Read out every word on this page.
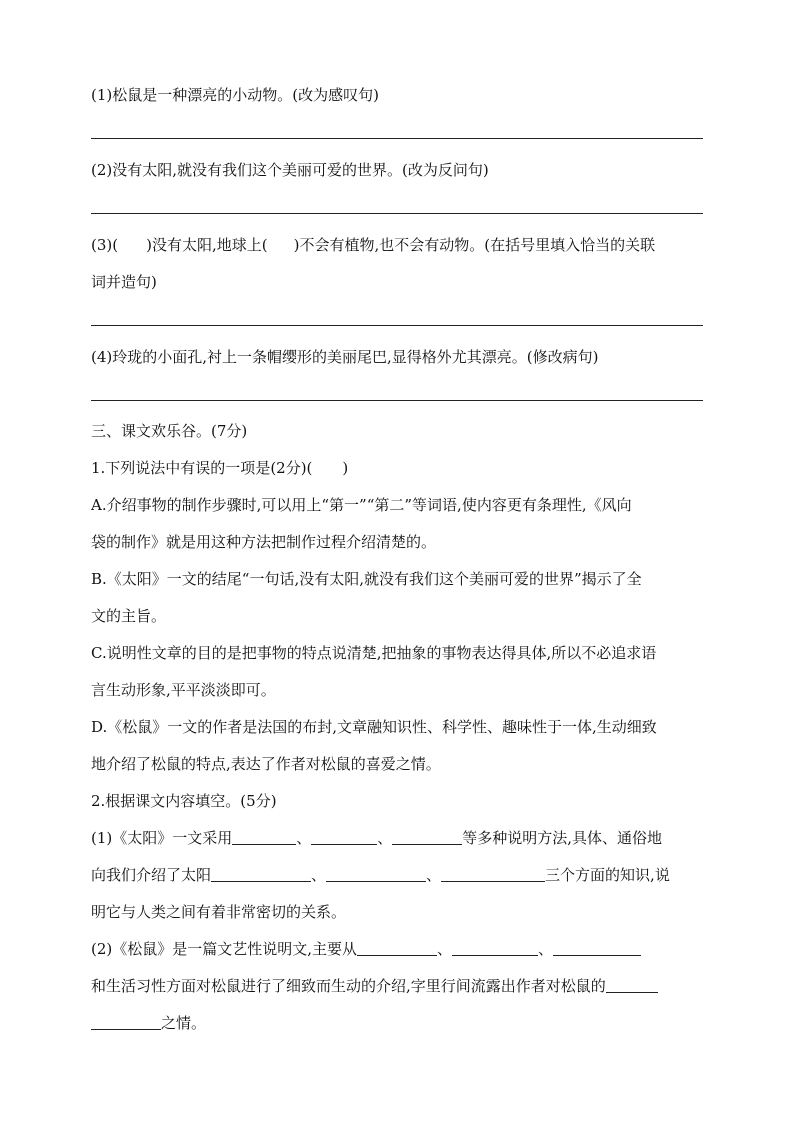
(1)松鼠是一种漂亮的小动物。(改为感叹句)
(2)没有太阳,就没有我们这个美丽可爱的世界。(改为反问句)
(3)( )没有太阳,地球上( )不会有植物,也不会有动物。(在括号里填入恰当的关联
词并造句)
(4)玲珑的小面孔,衬上一条帽缨形的美丽尾巴,显得格外尤其漂亮。(修改病句)
三、课文欢乐谷。(7分)
1.下列说法中有误的一项是(2分)( )
A.介绍事物的制作步骤时,可以用上“第一”“第二”等词语,使内容更有条理性,《风向
袋的制作》就是用这种方法把制作过程介绍清楚的。
B.《太阳》一文的结尾“一句话,没有太阳,就没有我们这个美丽可爱的世界”揭示了全
文的主旨。
C.说明性文章的目的是把事物的特点说清楚,把抽象的事物表达得具体,所以不必追求语
言生动形象,平平淡淡即可。
D.《松鼠》一文的作者是法国的布封,文章融知识性、科学性、趣味性于一体,生动细致
地介绍了松鼠的特点,表达了作者对松鼠的喜爱之情。
2.根据课文内容填空。(5分)
(1)《太阳》一文采用	、	、	等多种说明方法,具体、通俗地
向我们介绍了太阳	、	、	三个方面的知识,说
明它与人类之间有着非常密切的关系。
(2)《松鼠》是一篇文艺性说明文,主要从	、	、
和生活习性方面对松鼠进行了细致而生动的介绍,字里行间流露出作者对松鼠的
之情。
